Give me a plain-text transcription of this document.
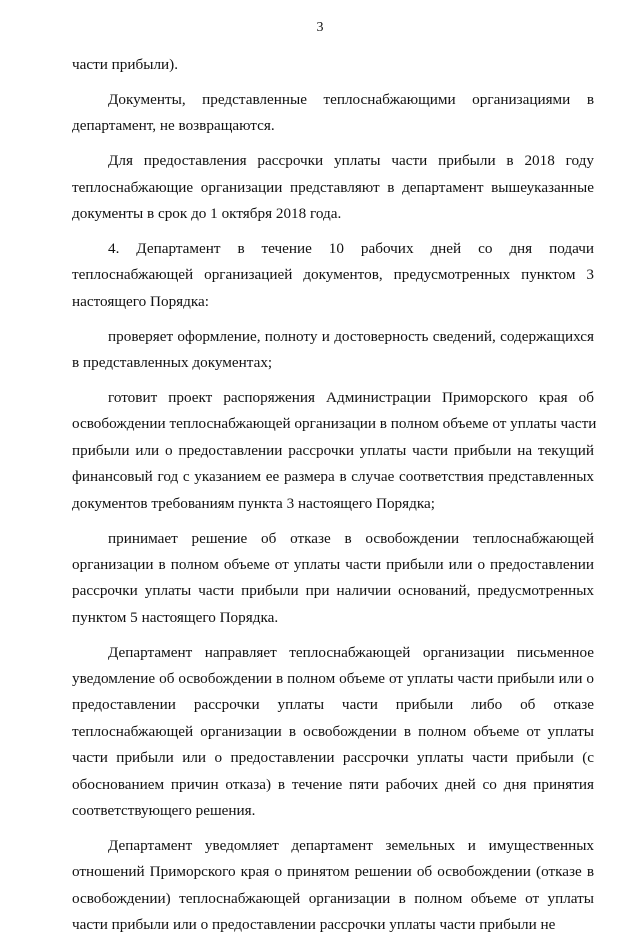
3
части прибыли).
Документы, представленные теплоснабжающими организациями в
департамент, не возвращаются.
Для предоставления рассрочки уплаты части прибыли в 2018 году
теплоснабжающие организации представляют в департамент вышеуказанные
документы в срок до 1 октября 2018 года.
4. Департамент в течение 10 рабочих дней со дня подачи
теплоснабжающей организацией документов, предусмотренных пунктом 3
настоящего Порядка:
проверяет оформление, полноту и достоверность сведений, содержащихся
в представленных документах;
готовит проект распоряжения Администрации Приморского края об
освобождении теплоснабжающей организации в полном объеме от уплаты части
прибыли или о предоставлении рассрочки уплаты части прибыли на текущий
финансовый год с указанием ее размера в случае соответствия представленных
документов требованиям пункта 3 настоящего Порядка;
принимает решение об отказе в освобождении теплоснабжающей
организации в полном объеме от уплаты части прибыли или о предоставлении
рассрочки уплаты части прибыли при наличии оснований, предусмотренных
пунктом 5 настоящего Порядка.
Департамент направляет теплоснабжающей организации письменное
уведомление об освобождении в полном объеме от уплаты части прибыли или о
предоставлении рассрочки уплаты части прибыли либо об отказе
теплоснабжающей организации в освобождении в полном объеме от уплаты
части прибыли или о предоставлении рассрочки уплаты части прибыли (с
обоснованием причин отказа) в течение пяти рабочих дней со дня принятия
соответствующего решения.
Департамент уведомляет департамент земельных и имущественных
отношений Приморского края о принятом решении об освобождении (отказе в
освобождении) теплоснабжающей организации в полном объеме от уплаты
части прибыли или о предоставлении рассрочки уплаты части прибыли не
